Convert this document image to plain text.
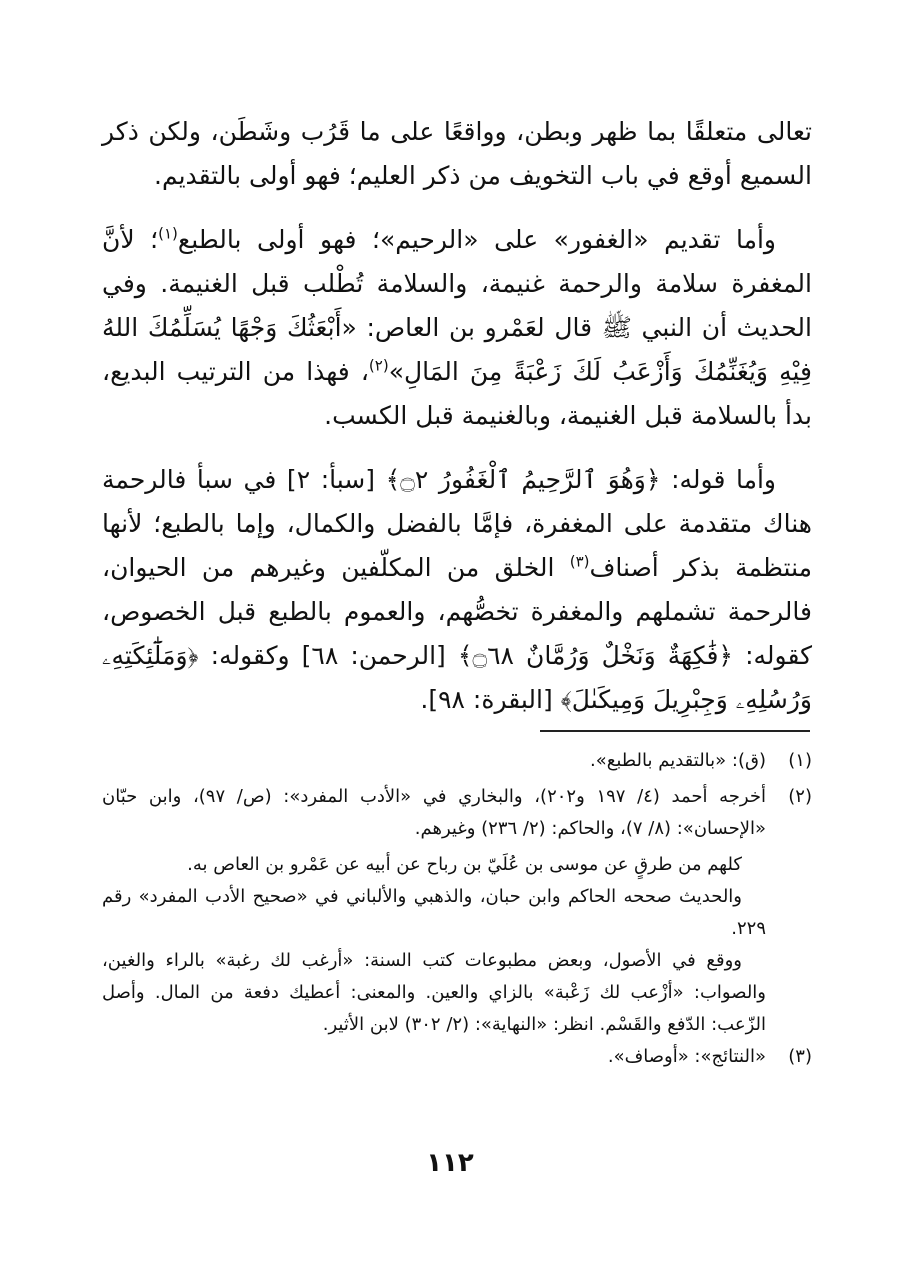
تعالى متعلقًا بما ظهر وبطن، وواقعًا على ما قَرُب وشَطَن، ولكن ذكر السميع أوقع في باب التخويف من ذكر العليم؛ فهو أولى بالتقديم.

وأما تقديم «الغفور» على «الرحيم»؛ فهو أولى بالطبع$^{(١)}$؛ لأنَّ المغفرة سلامة والرحمة غنيمة، والسلامة تُطْلب قبل الغنيمة. وفي الحديث أن النبي ﷺ قال لعَمْرو بن العاص: «أَبْعَثُكَ وَجْهًا يُسَلِّمُكَ اللهُ فِيْهِ وَيُغَنِّمُكَ وَأَزْعَبُ لَكَ زَعْبَةً مِنَ المَالِ»$^{(٢)}$، فهذا من الترتيب البديع، بدأ بالسلامة قبل الغنيمة، وبالغنيمة قبل الكسب.

وأما قوله: ﴿وَهُوَ ٱلرَّحِيمُ ٱلْغَفُورُ ۝٢﴾ [سبأ: ٢] في سبأ فالرحمة هناك متقدمة على المغفرة، فإمَّا بالفضل والكمال، وإما بالطبع؛ لأنها منتظمة بذكر أصناف$^{(٣)}$ الخلق من المكلّفين وغيرهم من الحيوان، فالرحمة تشملهم والمغفرة تخصُّهم، والعموم بالطبع قبل الخصوص، كقوله: ﴿فَٰكِهَةٌ وَنَخْلٌ وَرُمَّانٌ ۝٦٨﴾ [الرحمن: ٦٨] وكقوله: ﴿وَمَلَٰٓئِكَتِهِۦ وَرُسُلِهِۦ وَجِبْرِيلَ وَمِيكَىٰلَ﴾ [البقرة: ٩٨].

(١)
(ق): «بالتقديم بالطبع».
(٢)
أخرجه أحمد (٤/ ١٩٧ و٢٠٢)، والبخاري في «الأدب المفرد»: (ص/ ٩٧)، وابن حبّان «الإحسان»: (٨/ ٧)، والحاكم: (٢/ ٢٣٦) وغيرهم.
كلهم من طرقٍ عن موسى بن عُلَيّ بن رباح عن أبيه عن عَمْرو بن العاص به.
والحديث صححه الحاكم وابن حبان، والذهبي والألباني في «صحيح الأدب المفرد» رقم ٢٢٩.
ووقع في الأصول، وبعض مطبوعات كتب السنة: «أرغب لك رغبة» بالراء والغين، والصواب: «أزْعب لك زَعْبة» بالزاي والعين. والمعنى: أعطيك دفعة من المال. وأصل الزّعب: الدّفع والقَسْم. انظر: «النهاية»: (٢/ ٣٠٢) لابن الأثير.
(٣)
«النتائج»: «أوصاف».
١١٢
